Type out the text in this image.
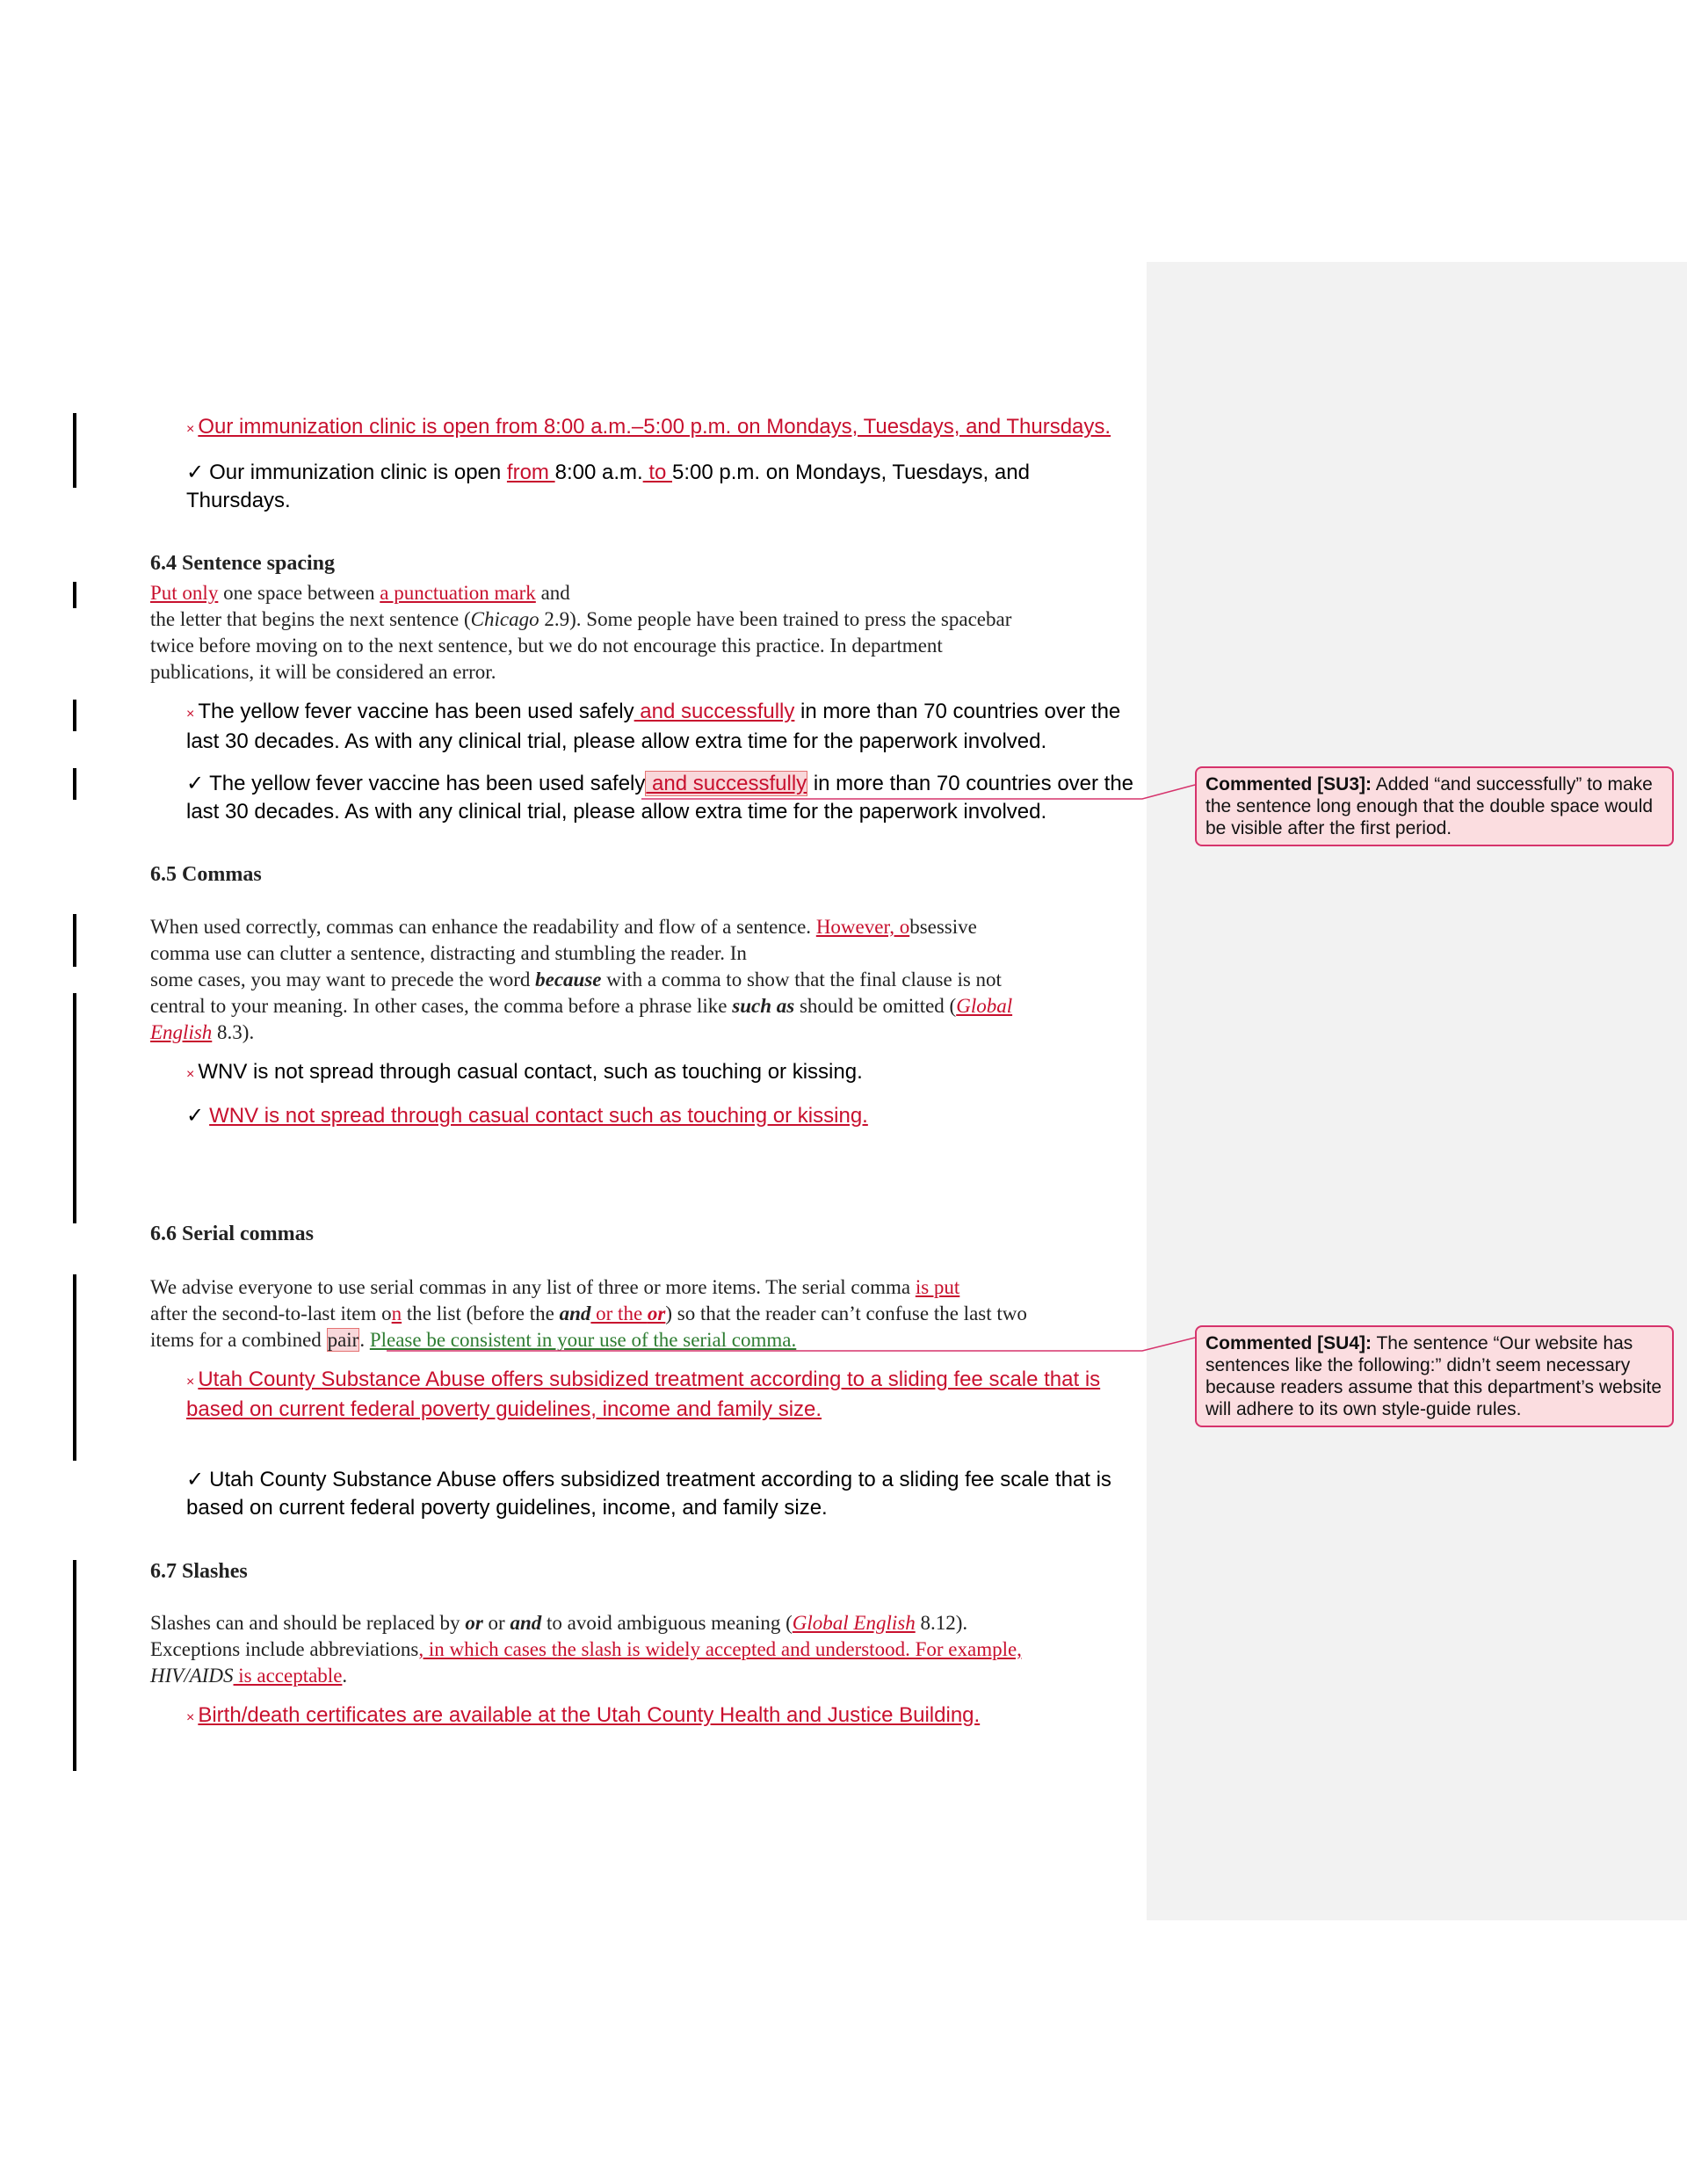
× Our immunization clinic is open from 8:00 a.m.–5:00 p.m. on Mondays, Tuesdays, and Thursdays.
✓ Our immunization clinic is open from 8:00 a.m. to 5:00 p.m. on Mondays, Tuesdays, and
Thursdays.
6.4 Sentence spacing
Put only one space between a punctuation mark and
the letter that begins the next sentence (Chicago 2.9). Some people have been trained to press the spacebar
twice before moving on to the next sentence, but we do not encourage this practice. In department
publications, it will be considered an error.
× The yellow fever vaccine has been used safely and successfully in more than 70 countries over the
last 30 decades. As with any clinical trial, please allow extra time for the paperwork involved.
✓ The yellow fever vaccine has been used safely and successfully in more than 70 countries over the
last 30 decades. As with any clinical trial, please allow extra time for the paperwork involved.
6.5 Commas
When used correctly, commas can enhance the readability and flow of a sentence. However, obsessive
comma use can clutter a sentence, distracting and stumbling the reader. In
some cases, you may want to precede the word because with a comma to show that the final clause is not
central to your meaning. In other cases, the comma before a phrase like such as should be omitted (Global
English 8.3).
× WNV is not spread through casual contact, such as touching or kissing.
✓ WNV is not spread through casual contact such as touching or kissing.
6.6 Serial commas
We advise everyone to use serial commas in any list of three or more items. The serial comma is put
after the second-to-last item on the list (before the and or the or) so that the reader can’t confuse the last two
items for a combined pair. Please be consistent in your use of the serial comma.
× Utah County Substance Abuse offers subsidized treatment according to a sliding fee scale that is
based on current federal poverty guidelines, income and family size.
✓ Utah County Substance Abuse offers subsidized treatment according to a sliding fee scale that is
based on current federal poverty guidelines, income, and family size.
6.7 Slashes
Slashes can and should be replaced by or or and to avoid ambiguous meaning (Global English 8.12).
Exceptions include abbreviations, in which cases the slash is widely accepted and understood. For example,
HIV/AIDS is acceptable.
× Birth/death certificates are available at the Utah County Health and Justice Building.
Commented [SU3]: Added “and successfully” to make the sentence long enough that the double space would be visible after the first period.
Commented [SU4]: The sentence “Our website has sentences like the following:” didn’t seem necessary because readers assume that this department’s website will adhere to its own style-guide rules.
